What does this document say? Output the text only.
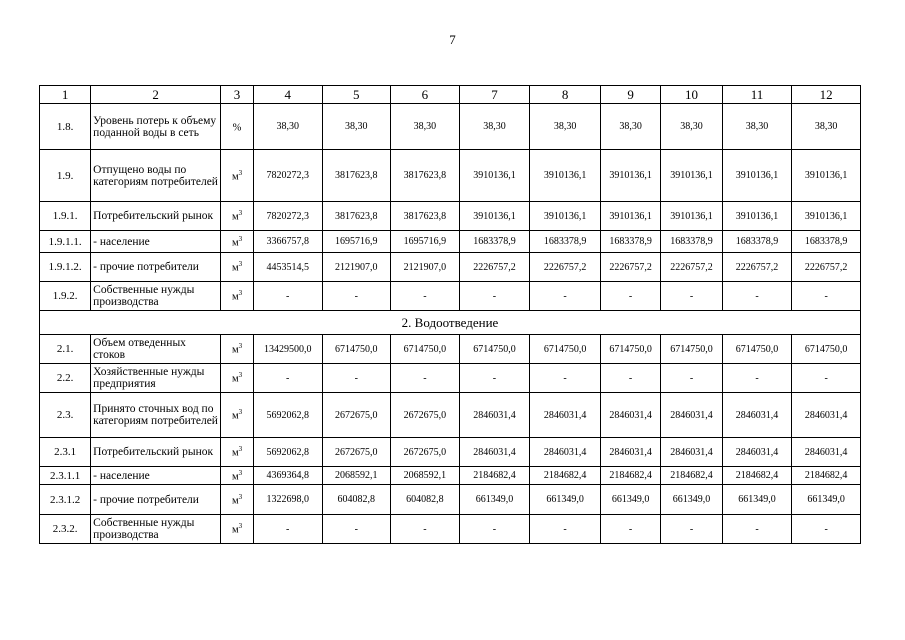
7
1	2	3	4	5	6	7	8	9	10	11	12
1.8.	Уровень потерь к объему поданной воды в сеть	%	38,30	38,30	38,30	38,30	38,30	38,30	38,30	38,30	38,30
1.9.	Отпущено воды по категориям потребителей	$м^3$	7820272,3	3817623,8	3817623,8	3910136,1	3910136,1	3910136,1	3910136,1	3910136,1	3910136,1
1.9.1.	Потребительский рынок	$м^3$	7820272,3	3817623,8	3817623,8	3910136,1	3910136,1	3910136,1	3910136,1	3910136,1	3910136,1
1.9.1.1.	- население	$м^3$	3366757,8	1695716,9	1695716,9	1683378,9	1683378,9	1683378,9	1683378,9	1683378,9	1683378,9
1.9.1.2.	- прочие потребители	$м^3$	4453514,5	2121907,0	2121907,0	2226757,2	2226757,2	2226757,2	2226757,2	2226757,2	2226757,2
1.9.2.	Собственные нужды производства	$м^3$	-	-	-	-	-	-	-	-	-
2. Водоотведение											
2.1.	Объем отведенных стоков	$м^3$	13429500,0	6714750,0	6714750,0	6714750,0	6714750,0	6714750,0	6714750,0	6714750,0	6714750,0
2.2.	Хозяйственные нужды предприятия	$м^3$	-	-	-	-	-	-	-	-	-
2.3.	Принято сточных вод по категориям потребителей	$м^3$	5692062,8	2672675,0	2672675,0	2846031,4	2846031,4	2846031,4	2846031,4	2846031,4	2846031,4
2.3.1	Потребительский рынок	$м^3$	5692062,8	2672675,0	2672675,0	2846031,4	2846031,4	2846031,4	2846031,4	2846031,4	2846031,4
2.3.1.1	- население	$м^3$	4369364,8	2068592,1	2068592,1	2184682,4	2184682,4	2184682,4	2184682,4	2184682,4	2184682,4
2.3.1.2	- прочие потребители	$м^3$	1322698,0	604082,8	604082,8	661349,0	661349,0	661349,0	661349,0	661349,0	661349,0
2.3.2.	Собственные нужды производства	$м^3$	-	-	-	-	-	-	-	-	-
